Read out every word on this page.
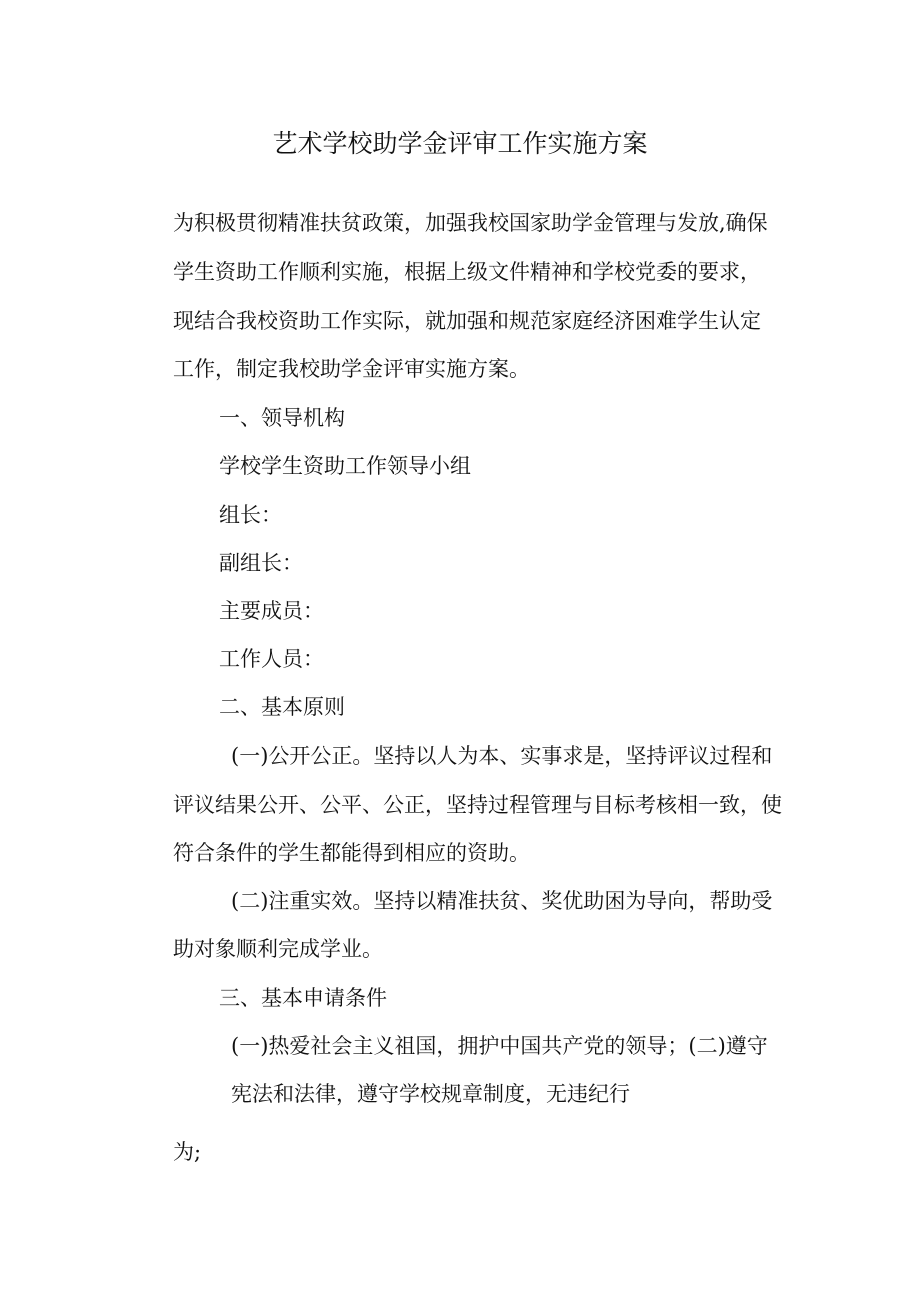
艺术学校助学金评审工作实施方案
为积极贯彻精准扶贫政策，加强我校国家助学金管理与发放,确保
学生资助工作顺利实施，根据上级文件精神和学校党委的要求，
现结合我校资助工作实际，就加强和规范家庭经济困难学生认定
工作，制定我校助学金评审实施方案。
一、领导机构
学校学生资助工作领导小组
组长：
副组长：
主要成员：
工作人员：
二、基本原则
(一)公开公正。坚持以人为本、实事求是，坚持评议过程和
评议结果公开、公平、公正，坚持过程管理与目标考核相一致，使
符合条件的学生都能得到相应的资助。
(二)注重实效。坚持以精准扶贫、奖优助困为导向，帮助受
助对象顺利完成学业。
三、基本申请条件
(一)热爱社会主义祖国，拥护中国共产党的领导；(二)遵守
宪法和法律，遵守学校规章制度，无违纪行
为;
